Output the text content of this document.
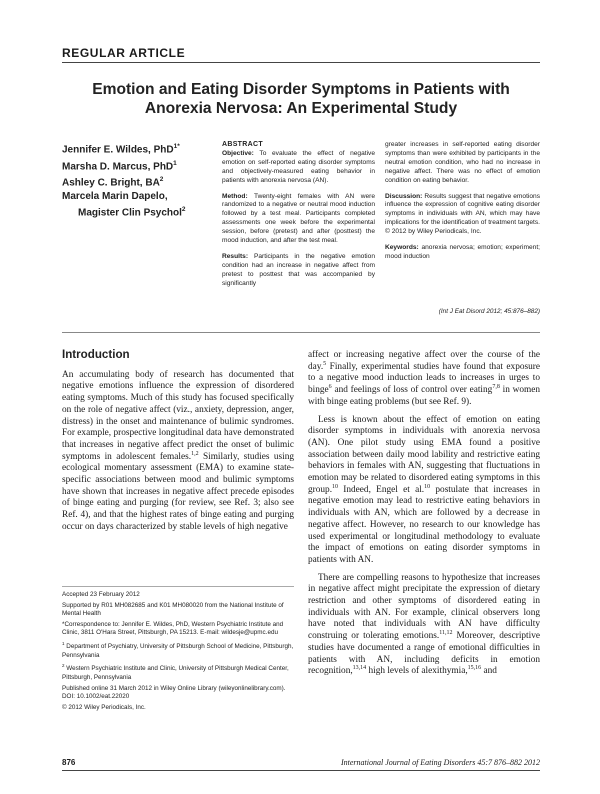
REGULAR ARTICLE
Emotion and Eating Disorder Symptoms in Patients with
Anorexia Nervosa: An Experimental Study
Jennifer E. Wildes, PhD$^{1*}$
Marsha D. Marcus, PhD$^1$
Ashley C. Bright, $BA^2$
Marcela Marin Dapelo,
Magister Clin Psychol$^2$
ABSTRACT

Objective: To evaluate the effect of negative emotion on self-reported eating disorder symptoms and objectively-measured eating behavior in patients with anorexia nervosa (AN).

Method: Twenty-eight females with AN were randomized to a negative or neutral mood induction followed by a test meal. Participants completed assessments one week before the experimental session, before (pretest) and after (posttest) the mood induction, and after the test meal.

Results: Participants in the negative emotion condition had an increase in negative affect from pretest to posttest that was accompanied by significantly

greater increases in self-reported eating disorder symptoms than were exhibited by participants in the neutral emotion condition, who had no increase in negative affect. There was no effect of emotion condition on eating behavior.

Discussion: Results suggest that negative emotions influence the expression of cognitive eating disorder symptoms in individuals with AN, which may have implications for the identification of treatment targets. © 2012 by Wiley Periodicals, Inc.

Keywords: anorexia nervosa; emotion; experiment; mood induction

(Int J Eat Disord 2012; 45:876–882)
Introduction

An accumulating body of research has documented that negative emotions influence the expression of disordered eating symptoms. Much of this study has focused specifically on the role of negative affect (viz., anxiety, depression, anger, distress) in the onset and maintenance of bulimic syndromes. For example, prospective longitudinal data have demonstrated that increases in negative affect predict the onset of bulimic symptoms in adolescent females.$^{1,2}$ Similarly, studies using ecological momentary assessment (EMA) to examine state-specific associations between mood and bulimic symptoms have shown that increases in negative affect precede episodes of binge eating and purging (for review, see Ref. 3; also see Ref. 4), and that the highest rates of binge eating and purging occur on days characterized by stable levels of high negative

affect or increasing negative affect over the course of the day.$^5$ Finally, experimental studies have found that exposure to a negative mood induction leads to increases in urges to binge$^6$ and feelings of loss of control over eating$^{7,8}$ in women with binge eating problems (but see Ref. 9).

Less is known about the effect of emotion on eating disorder symptoms in individuals with anorexia nervosa (AN). One pilot study using EMA found a positive association between daily mood lability and restrictive eating behaviors in females with AN, suggesting that fluctuations in emotion may be related to disordered eating symptoms in this group.$^{10}$ Indeed, Engel et al.$^{10}$ postulate that increases in negative emotion may lead to restrictive eating behaviors in individuals with AN, which are followed by a decrease in negative affect. However, no research to our knowledge has used experimental or longitudinal methodology to evaluate the impact of emotions on eating disorder symptoms in patients with AN.

There are compelling reasons to hypothesize that increases in negative affect might precipitate the expression of dietary restriction and other symptoms of disordered eating in individuals with AN. For example, clinical observers long have noted that individuals with AN have difficulty construing or tolerating emotions.$^{11,12}$ Moreover, descriptive studies have documented a range of emotional difficulties in patients with AN, including deficits in emotion recognition,$^{13,14}$ high levels of alexithymia,$^{15,16}$ and

Accepted 23 February 2012

Supported by R01 MH082685 and K01 MH080020 from the National Institute of Mental Health

*Correspondence to: Jennifer E. Wildes, PhD, Western Psychiatric Institute and Clinic, 3811 O'Hara Street, Pittsburgh, PA 15213. E-mail: wildesje@upmc.edu

$^1$ Department of Psychiatry, University of Pittsburgh School of Medicine, Pittsburgh, Pennsylvania

$^2$ Western Psychiatric Institute and Clinic, University of Pittsburgh Medical Center, Pittsburgh, Pennsylvania

Published online 31 March 2012 in Wiley Online Library (wileyonlinelibrary.com). DOI: 10.1002/eat.22020

© 2012 Wiley Periodicals, Inc.

876	International Journal of Eating Disorders 45:7 876–882 2012
